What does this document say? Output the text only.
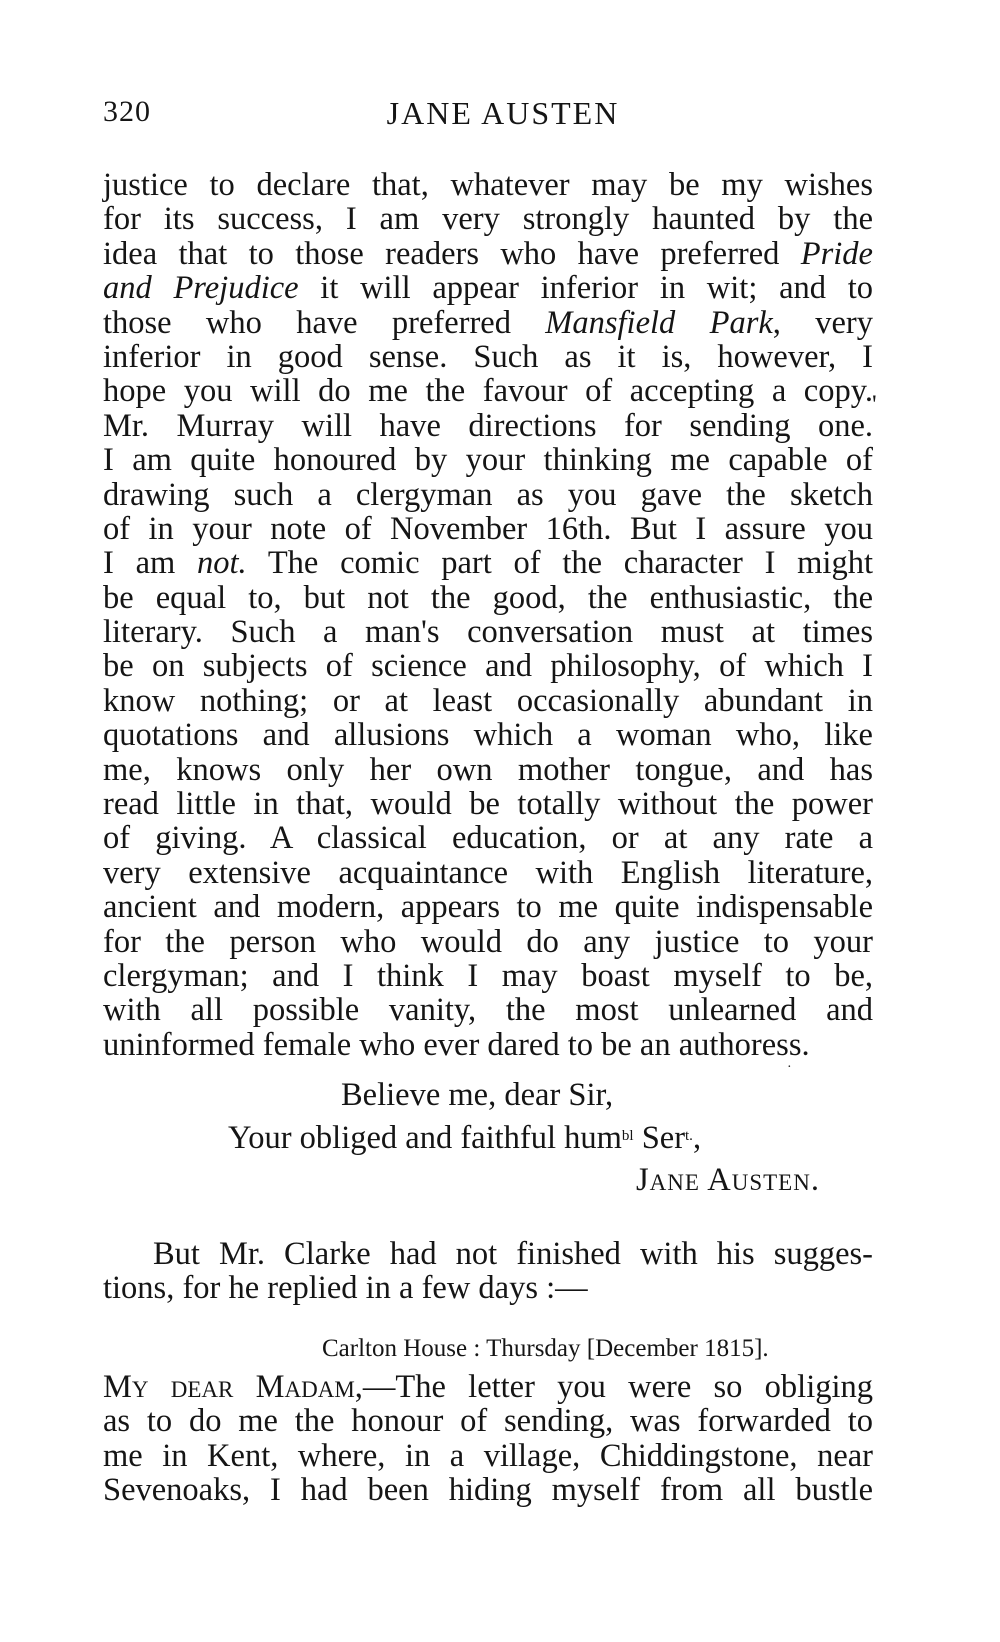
320	JANE AUSTEN
justice to declare that, whatever may be my wishes
for its success, I am very strongly haunted by the
idea that to those readers who have preferred Pride
and Prejudice it will appear inferior in wit; and to
those who have preferred Mansfield Park, very
inferior in good sense. Such as it is, however, I
hope you will do me the favour of accepting a copy.
Mr. Murray will have directions for sending one.
I am quite honoured by your thinking me capable of
drawing such a clergyman as you gave the sketch
of in your note of November 16th. But I assure you
I am not. The comic part of the character I might
be equal to, but not the good, the enthusiastic, the
literary. Such a man's conversation must at times
be on subjects of science and philosophy, of which I
know nothing; or at least occasionally abundant in
quotations and allusions which a woman who, like
me, knows only her own mother tongue, and has
read little in that, would be totally without the power
of giving. A classical education, or at any rate a
very extensive acquaintance with English literature,
ancient and modern, appears to me quite indispensable
for the person who would do any justice to your
clergyman; and I think I may boast myself to be,
with all possible vanity, the most unlearned and
uninformed female who ever dared to be an authoress.
'
·
Believe me, dear Sir,
Your obliged and faithful hum$^{bl}$ Ser$^{t.}$,
Jane Austen.
But Mr. Clarke had not finished with his sugges-
tions, for he replied in a few days :—
Carlton House : Thursday [December 1815].
My dear Madam,—The letter you were so obliging
as to do me the honour of sending, was forwarded to
me in Kent, where, in a village, Chiddingstone, near
Sevenoaks, I had been hiding myself from all bustle
